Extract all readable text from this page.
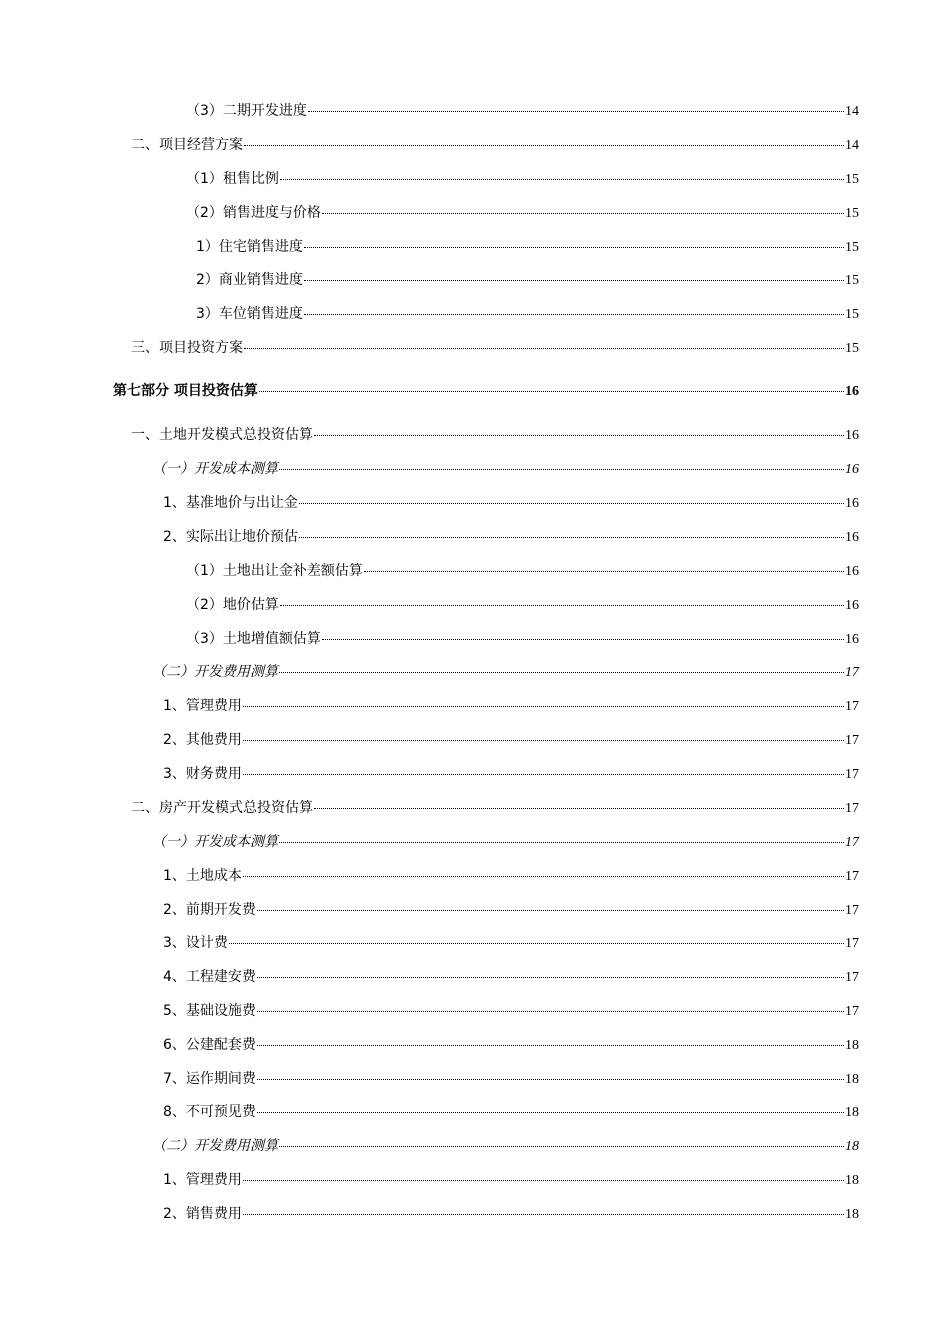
（3）二期开发进度	14
二、项目经营方案	14
（1）租售比例	15
（2）销售进度与价格	15
1）住宅销售进度	15
2）商业销售进度	15
3）车位销售进度	15
三、项目投资方案	15
第七部分 项目投资估算	16
一、土地开发模式总投资估算	16
（一）开发成本测算	16
1、基准地价与出让金	16
2、实际出让地价预估	16
（1）土地出让金补差额估算	16
（2）地价估算	16
（3）土地增值额估算	16
（二）开发费用测算	17
1、管理费用	17
2、其他费用	17
3、财务费用	17
二、房产开发模式总投资估算	17
（一）开发成本测算	17
1、土地成本	17
2、前期开发费	17
3、设计费	17
4、工程建安费	17
5、基础设施费	17
6、公建配套费	18
7、运作期间费	18
8、不可预见费	18
（二）开发费用测算	18
1、管理费用	18
2、销售费用	18
